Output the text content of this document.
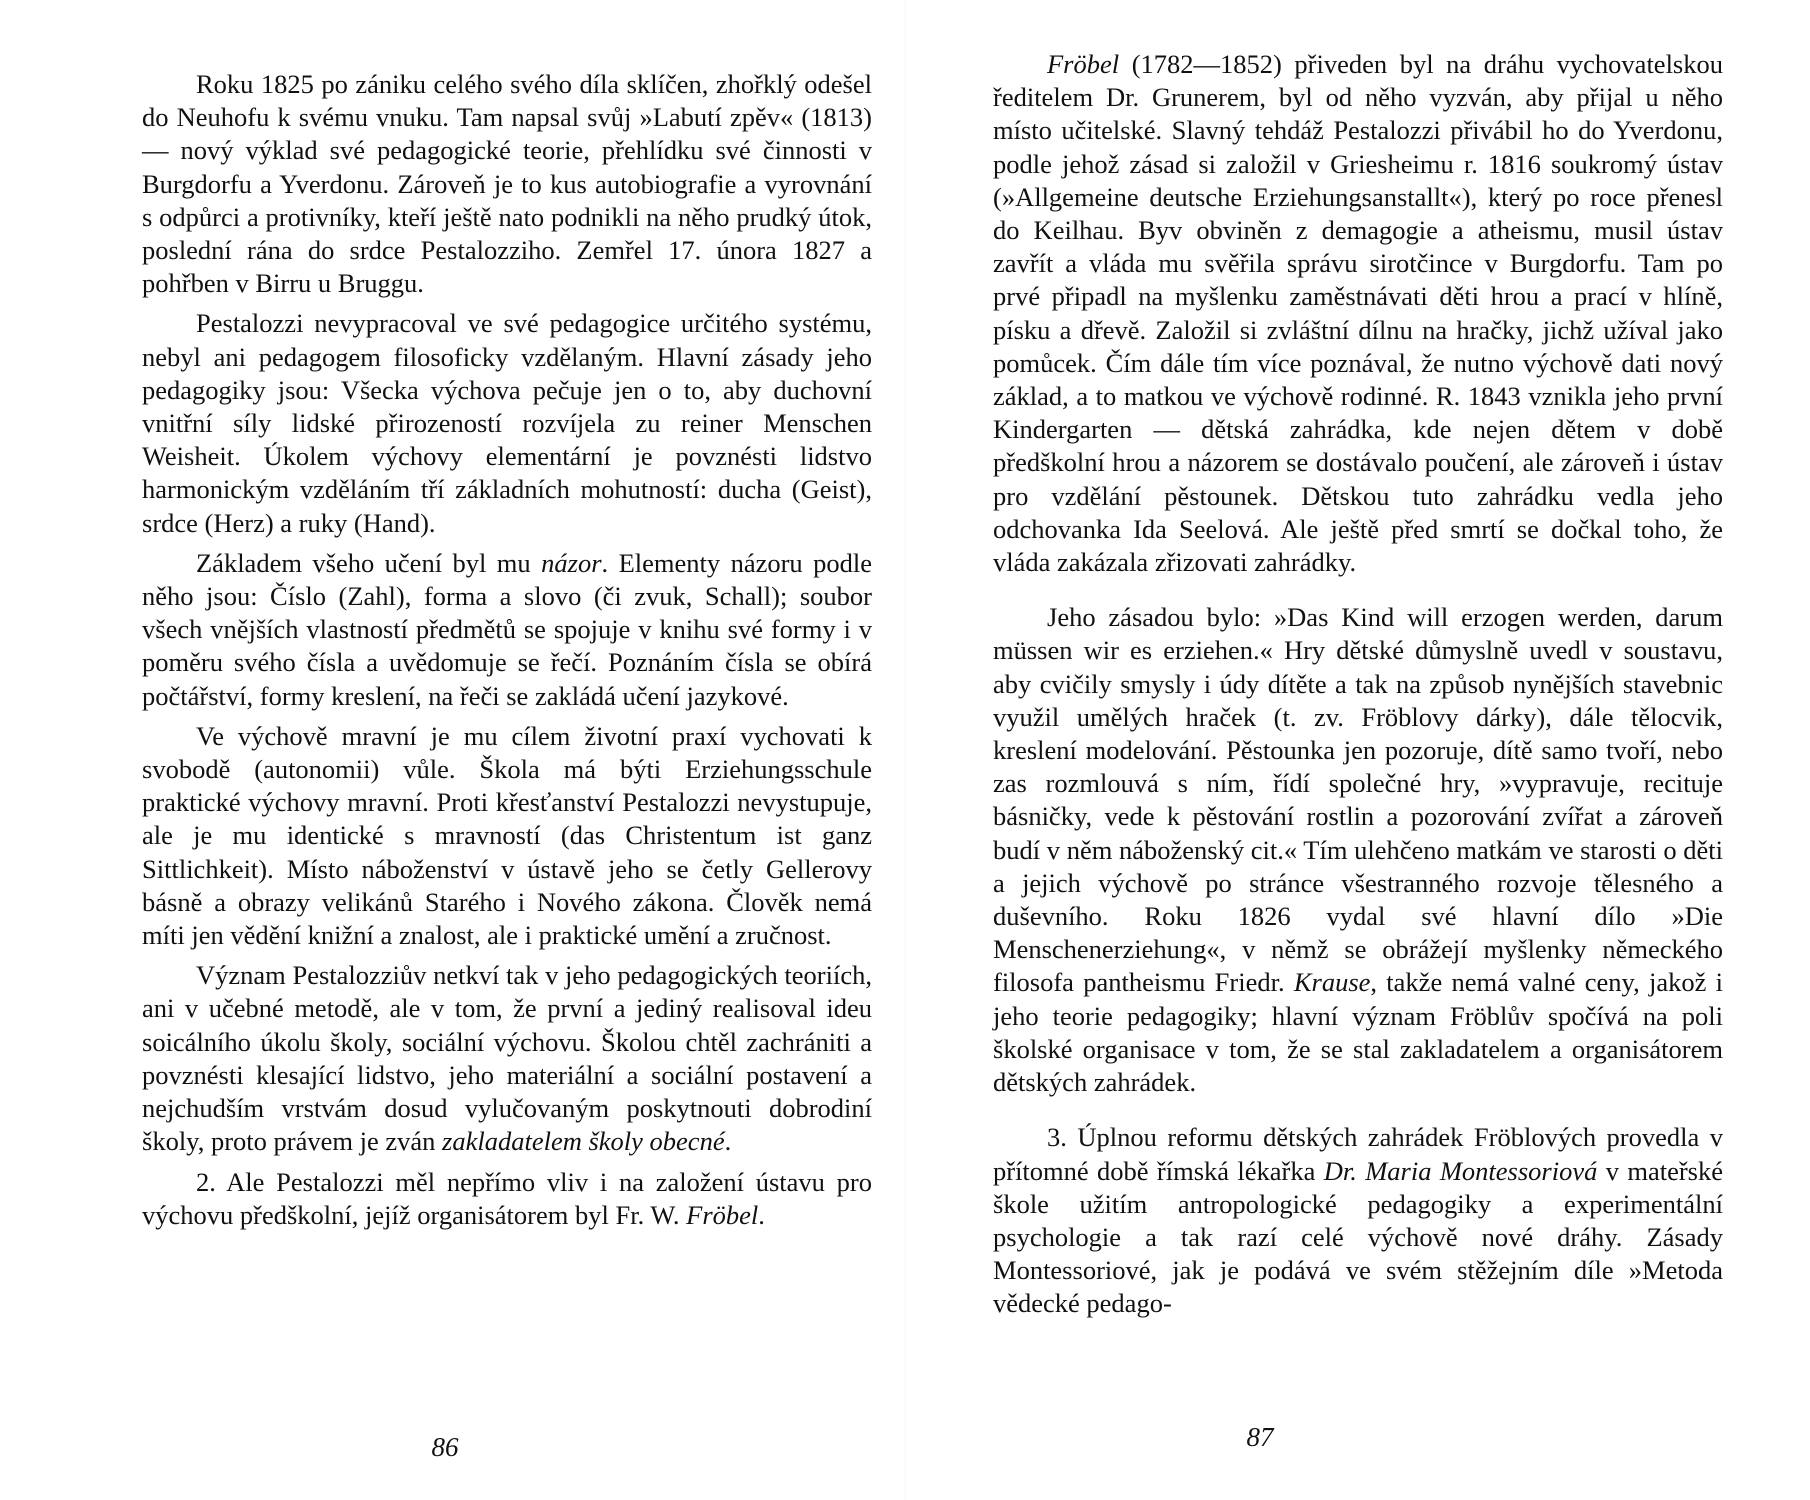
Roku 1825 po zániku celého svého díla sklíčen, zhořklý odešel do Neuhofu k svému vnuku. Tam napsal svůj »Labutí zpěv« (1813) — nový výklad své pedagogické teorie, přehlídku své činnosti v Burgdorfu a Yverdonu. Zároveň je to kus autobiografie a vyrovnání s odpůrci a protivníky, kteří ještě nato podnikli na něho prudký útok, poslední rána do srdce Pestalozziho. Zemřel 17. února 1827 a pohřben v Birru u Bruggu.

Pestalozzi nevypracoval ve své pedagogice určitého systému, nebyl ani pedagogem filosoficky vzdělaným. Hlavní zásady jeho pedagogiky jsou: Všecka výchova pečuje jen o to, aby duchovní vnitřní síly lidské přirozeností rozvíjela zu reiner Menschen Weisheit. Úkolem výchovy elementární je povznésti lidstvo harmonickým vzděláním tří základních mohutností: ducha (Geist), srdce (Herz) a ruky (Hand).

Základem všeho učení byl mu názor. Elementy názoru podle něho jsou: Číslo (Zahl), forma a slovo (či zvuk, Schall); soubor všech vnějších vlastností předmětů se spojuje v knihu své formy i v poměru svého čísla a uvědomuje se řečí. Poznáním čísla se obírá počtářství, formy kreslení, na řeči se zakládá učení jazykové.

Ve výchově mravní je mu cílem životní praxí vychovati k svobodě (autonomii) vůle. Škola má býti Erziehungsschule praktické výchovy mravní. Proti křesťanství Pestalozzi nevystupuje, ale je mu identické s mravností (das Christentum ist ganz Sittlichkeit). Místo náboženství v ústavě jeho se četly Gellerovy básně a obrazy velikánů Starého i Nového zákona. Člověk nemá míti jen vědění knižní a znalost, ale i praktické umění a zručnost.

Význam Pestalozziův netkví tak v jeho pedagogických teoriích, ani v učebné metodě, ale v tom, že první a jediný realisoval ideu soicálního úkolu školy, sociální výchovu. Školou chtěl zachrániti a povznésti klesající lidstvo, jeho materiální a sociální postavení a nejchudším vrstvám dosud vylučovaným poskytnouti dobrodiní školy, proto právem je zván zakladatelem školy obecné.

2. Ale Pestalozzi měl nepřímo vliv i na založení ústavu pro výchovu předškolní, jejíž organisátorem byl Fr. W. Fröbel.

86

Fröbel (1782—1852) přiveden byl na dráhu vychovatelskou ředitelem Dr. Grunerem, byl od něho vyzván, aby přijal u něho místo učitelské. Slavný tehdáž Pestalozzi přivábil ho do Yverdonu, podle jehož zásad si založil v Griesheimu r. 1816 soukromý ústav (»Allgemeine deutsche Erziehungsanstallt«), který po roce přenesl do Keilhau. Byv obviněn z demagogie a atheismu, musil ústav zavřít a vláda mu svěřila správu sirotčince v Burgdorfu. Tam po prvé připadl na myšlenku zaměstnávati děti hrou a prací v hlíně, písku a dřevě. Založil si zvláštní dílnu na hračky, jichž užíval jako pomůcek. Čím dále tím více poznával, že nutno výchově dati nový základ, a to matkou ve výchově rodinné. R. 1843 vznikla jeho první Kindergarten — dětská zahrádka, kde nejen dětem v době předškolní hrou a názorem se dostávalo poučení, ale zároveň i ústav pro vzdělání pěstounek. Dětskou tuto zahrádku vedla jeho odchovanka Ida Seelová. Ale ještě před smrtí se dočkal toho, že vláda zakázala zřizovati zahrádky.

Jeho zásadou bylo: »Das Kind will erzogen werden, darum müssen wir es erziehen.« Hry dětské důmyslně uvedl v soustavu, aby cvičily smysly i údy dítěte a tak na způsob nynějších stavebnic využil umělých hraček (t. zv. Fröblovy dárky), dále tělocvik, kreslení modelování. Pěstounka jen pozoruje, dítě samo tvoří, nebo zas rozmlouvá s ním, řídí společné hry, »vypravuje, recituje básničky, vede k pěstování rostlin a pozorování zvířat a zároveň budí v něm náboženský cit.« Tím ulehčeno matkám ve starosti o děti a jejich výchově po stránce všestranného rozvoje tělesného a duševního. Roku 1826 vydal své hlavní dílo »Die Menschenerziehung«, v němž se obrážejí myšlenky německého filosofa pantheismu Friedr. Krause, takže nemá valné ceny, jakož i jeho teorie pedagogiky; hlavní význam Fröblův spočívá na poli školské organisace v tom, že se stal zakladatelem a organisátorem dětských zahrádek.

3. Úplnou reformu dětských zahrádek Fröblových provedla v přítomné době římská lékařka Dr. Maria Montessoriová v mateřské škole užitím antropologické pedagogiky a experimentální psychologie a tak razí celé výchově nové dráhy. Zásady Montessoriové, jak je podává ve svém stěžejním díle »Metoda vědecké pedago-

87
